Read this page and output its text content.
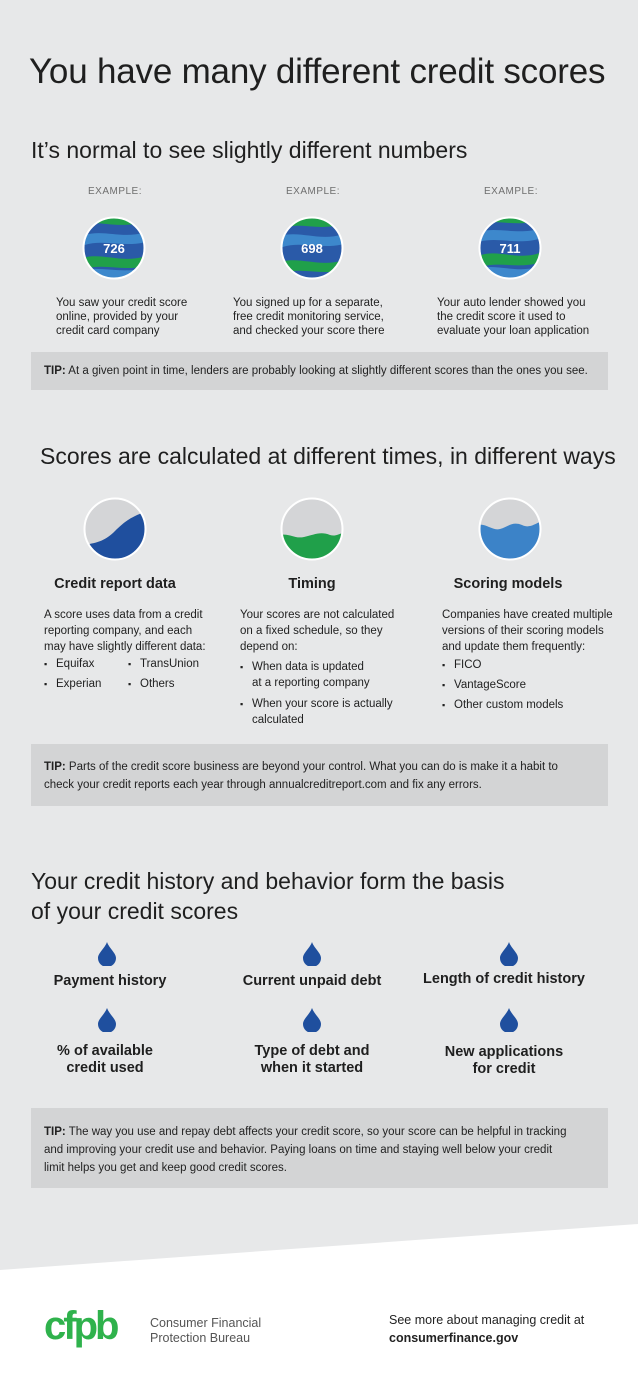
You have many different credit scores
It’s normal to see slightly different numbers
EXAMPLE:	EXAMPLE:	EXAMPLE:
726	698	711
You saw your credit score
online, provided by your
credit card company
You signed up for a separate,
free credit monitoring service,
and checked your score there
Your auto lender showed you
the credit score it used to
evaluate your loan application
TIP: At a given point in time, lenders are probably looking at slightly different scores than the ones you see.
Scores are calculated at different times, in different ways
Credit report data	Timing	Scoring models
A score uses data from a credit
reporting company, and each
may have slightly different data:
▪ Equifax
▪ Experian
▪ TransUnion
▪ Others
Your scores are not calculated
on a fixed schedule, so they
depend on:
▪ When data is updated
at a reporting company
▪ When your score is actually
calculated
Companies have created multiple
versions of their scoring models
and update them frequently:
▪ FICO
▪ VantageScore
▪ Other custom models
TIP: Parts of the credit score business are beyond your control. What you can do is make it a habit to
check your credit reports each year through annualcreditreport.com and fix any errors.
Your credit history and behavior form the basis
of your credit scores
Payment history	Current unpaid debt	Length of credit history
% of available
credit used
Type of debt and
when it started
New applications
for credit
TIP: The way you use and repay debt affects your credit score, so your score can be helpful in tracking
and improving your credit use and behavior. Paying loans on time and staying well below your credit
limit helps you get and keep good credit scores.
cfpb	Consumer Financial
Protection Bureau
See more about managing credit at
consumerfinance.gov
